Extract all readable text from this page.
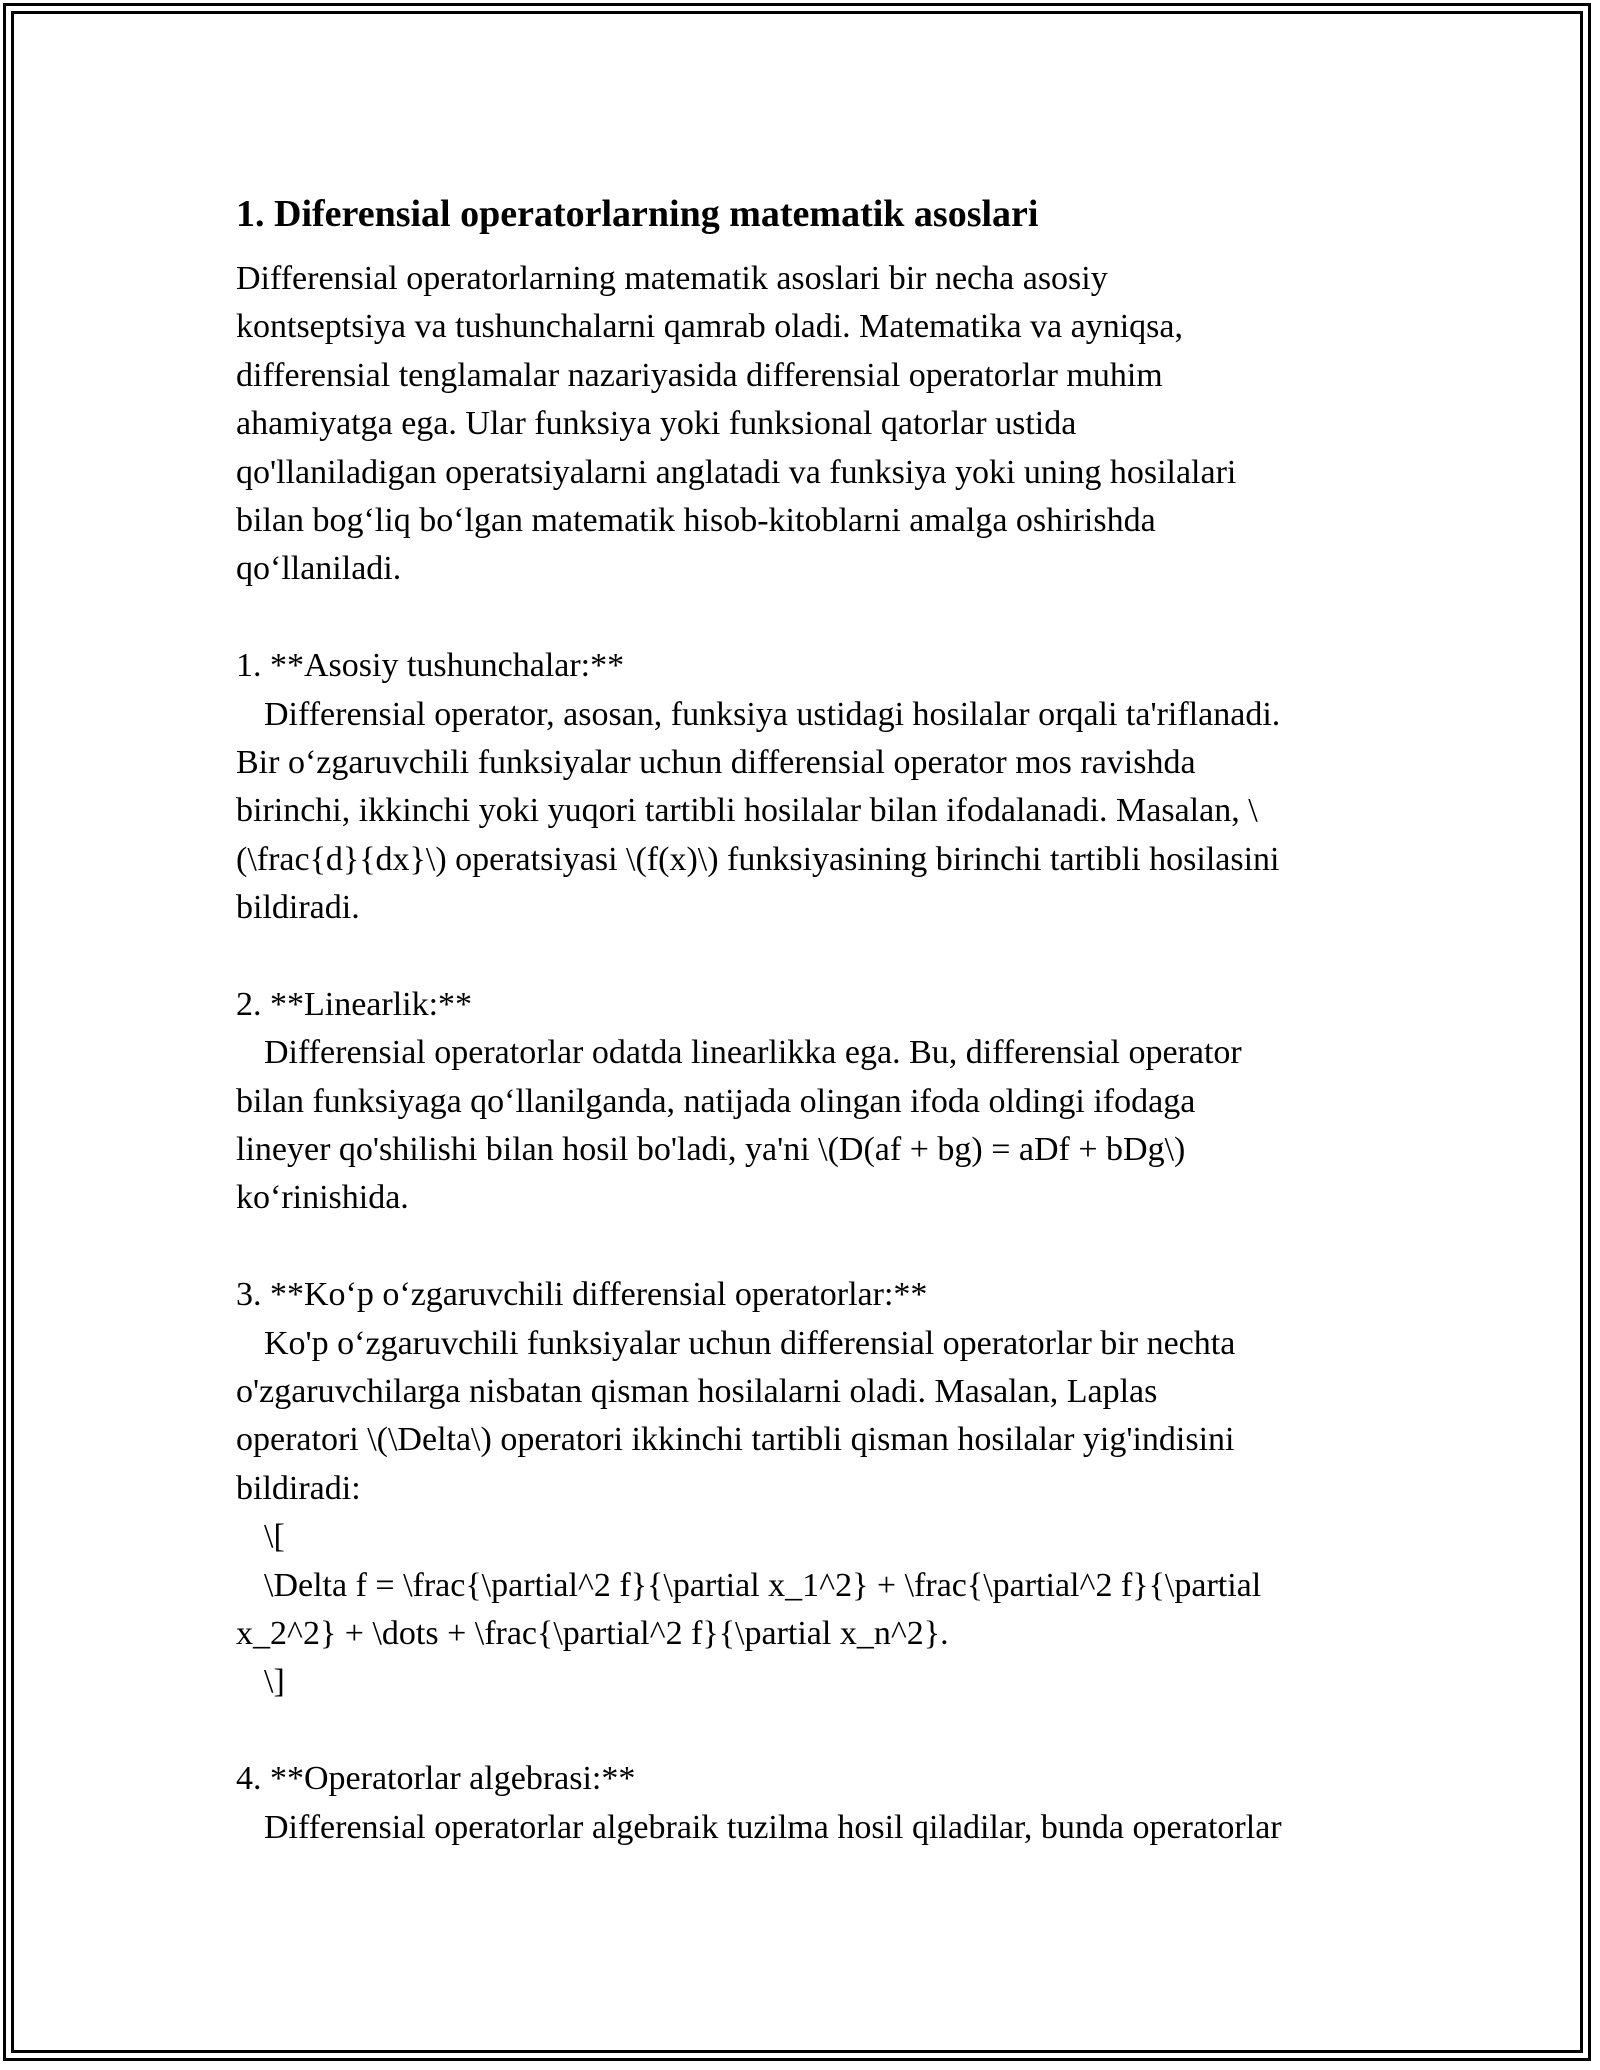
1. Diferensial operatorlarning matematik asoslari
Differensial operatorlarning matematik asoslari bir necha asosiy
kontseptsiya va tushunchalarni qamrab oladi. Matematika va ayniqsa,
differensial tenglamalar nazariyasida differensial operatorlar muhim
ahamiyatga ega. Ular funksiya yoki funksional qatorlar ustida
qo'llaniladigan operatsiyalarni anglatadi va funksiya yoki uning hosilalari
bilan bog‘liq bo‘lgan matematik hisob-kitoblarni amalga oshirishda
qo‘llaniladi.
1. **Asosiy tushunchalar:**
Differensial operator, asosan, funksiya ustidagi hosilalar orqali ta'riflanadi.
Bir o‘zgaruvchili funksiyalar uchun differensial operator mos ravishda
birinchi, ikkinchi yoki yuqori tartibli hosilalar bilan ifodalanadi. Masalan, \
(\frac{d}{dx}\) operatsiyasi \(f(x)\) funksiyasining birinchi tartibli hosilasini
bildiradi.
2. **Linearlik:**
Differensial operatorlar odatda linearlikka ega. Bu, differensial operator
bilan funksiyaga qo‘llanilganda, natijada olingan ifoda oldingi ifodaga
lineyer qo'shilishi bilan hosil bo'ladi, ya'ni \(D(af + bg) = aDf + bDg\)
ko‘rinishida.
3. **Ko‘p o‘zgaruvchili differensial operatorlar:**
Ko'p o‘zgaruvchili funksiyalar uchun differensial operatorlar bir nechta
o'zgaruvchilarga nisbatan qisman hosilalarni oladi. Masalan, Laplas
operatori \(\Delta\) operatori ikkinchi tartibli qisman hosilalar yig'indisini
bildiradi:
\[
\Delta f = \frac{\partial^2 f}{\partial x_1^2} + \frac{\partial^2 f}{\partial
x_2^2} + \dots + \frac{\partial^2 f}{\partial x_n^2}.
\]
4. **Operatorlar algebrasi:**
Differensial operatorlar algebraik tuzilma hosil qiladilar, bunda operatorlar
